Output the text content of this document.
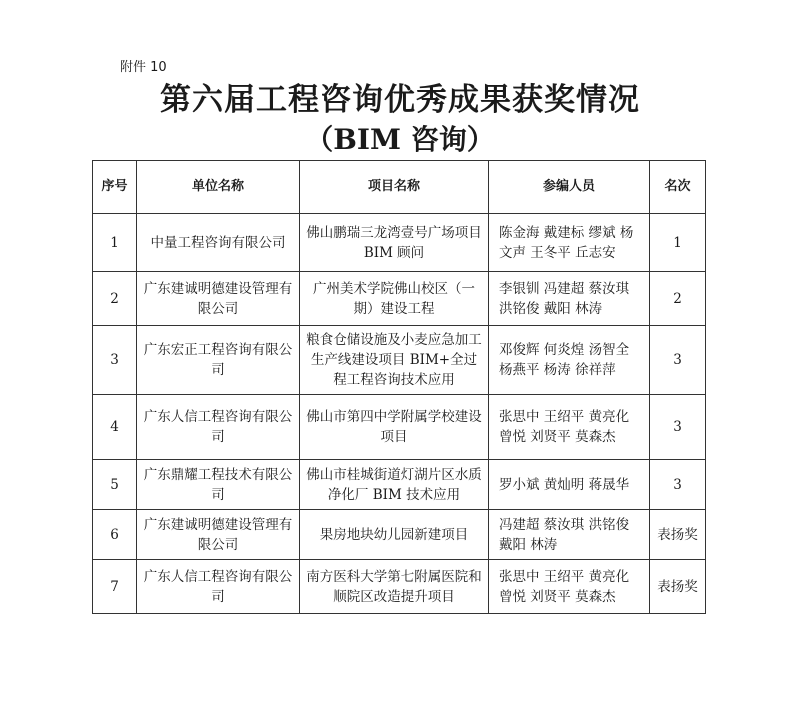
附件 10
第六届工程咨询优秀成果获奖情况
（BIM 咨询）
序号	单位名称	项目名称	参编人员	名次
1	中量工程咨询有限公司	佛山鹏瑞三龙湾壹号广场项目 BIM 顾问	陈金海 戴建标 缪斌 杨文声 王冬平 丘志安	1
2	广东建诚明德建设管理有限公司	广州美术学院佛山校区（一期）建设工程	李银钏 冯建超 蔡汝琪 洪铭俊 戴阳 林涛	2
3	广东宏正工程咨询有限公司	粮食仓储设施及小麦应急加工生产线建设项目 BIM+全过程工程咨询技术应用	邓俊辉 何炎煌 汤智全 杨燕平 杨涛 徐祥萍	3
4	广东人信工程咨询有限公司	佛山市第四中学附属学校建设项目	张思中 王绍平 黄亮化 曾悦 刘贤平 莫森杰	3
5	广东鼎耀工程技术有限公司	佛山市桂城街道灯湖片区水质净化厂 BIM 技术应用	罗小斌 黄灿明 蒋晟华	3
6	广东建诚明德建设管理有限公司	果房地块幼儿园新建项目	冯建超 蔡汝琪 洪铭俊 戴阳 林涛	表扬奖
7	广东人信工程咨询有限公司	南方医科大学第七附属医院和顺院区改造提升项目	张思中 王绍平 黄亮化 曾悦 刘贤平 莫森杰	表扬奖
